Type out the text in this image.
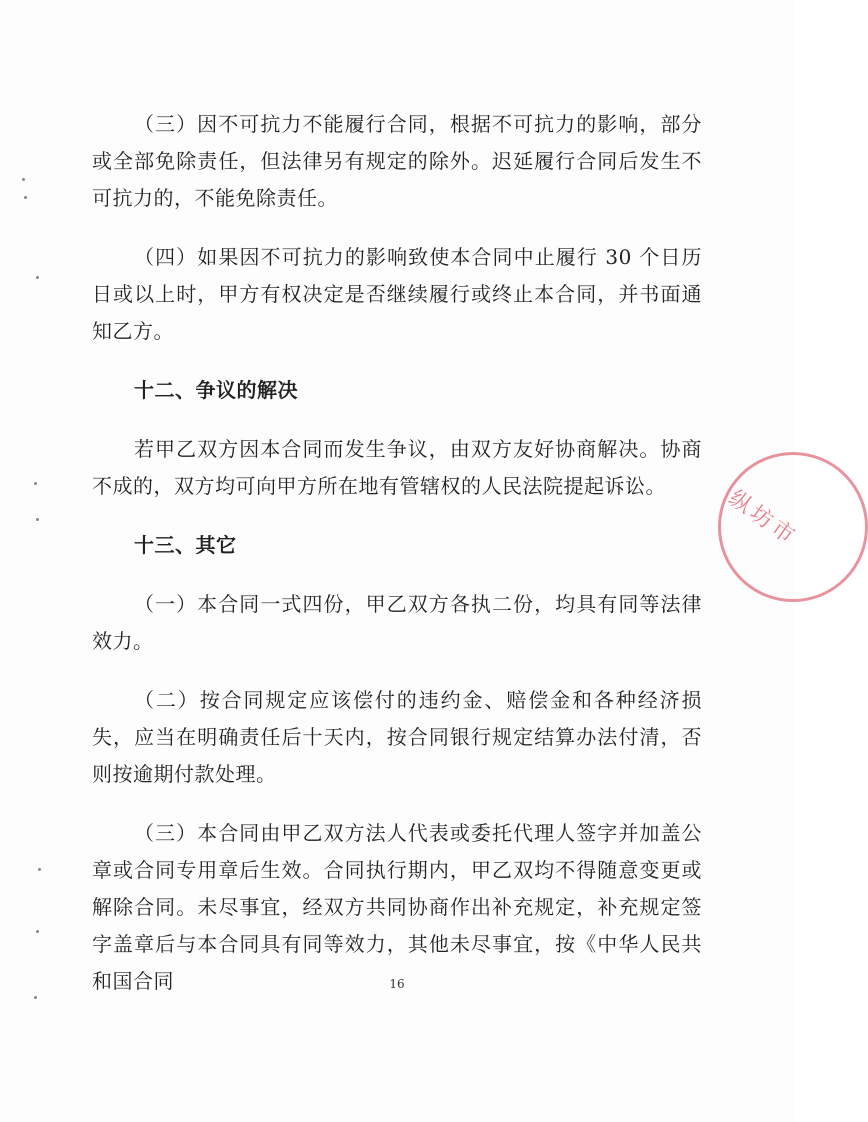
（三）因不可抗力不能履行合同，根据不可抗力的影响，部分或全部免除责任，但法律另有规定的除外。迟延履行合同后发生不可抗力的，不能免除责任。

（四）如果因不可抗力的影响致使本合同中止履行 30 个日历日或以上时，甲方有权决定是否继续履行或终止本合同，并书面通知乙方。

十二、争议的解决

若甲乙双方因本合同而发生争议，由双方友好协商解决。协商不成的，双方均可向甲方所在地有管辖权的人民法院提起诉讼。

十三、其它

（一）本合同一式四份，甲乙双方各执二份，均具有同等法律效力。

（二）按合同规定应该偿付的违约金、赔偿金和各种经济损失，应当在明确责任后十天内，按合同银行规定结算办法付清，否则按逾期付款处理。

（三）本合同由甲乙双方法人代表或委托代理人签字并加盖公章或合同专用章后生效。合同执行期内，甲乙双均不得随意变更或解除合同。未尽事宜，经双方共同协商作出补充规定，补充规定签字盖章后与本合同具有同等效力，其他未尽事宜，按《中华人民共和国合同	16
纵坊市
